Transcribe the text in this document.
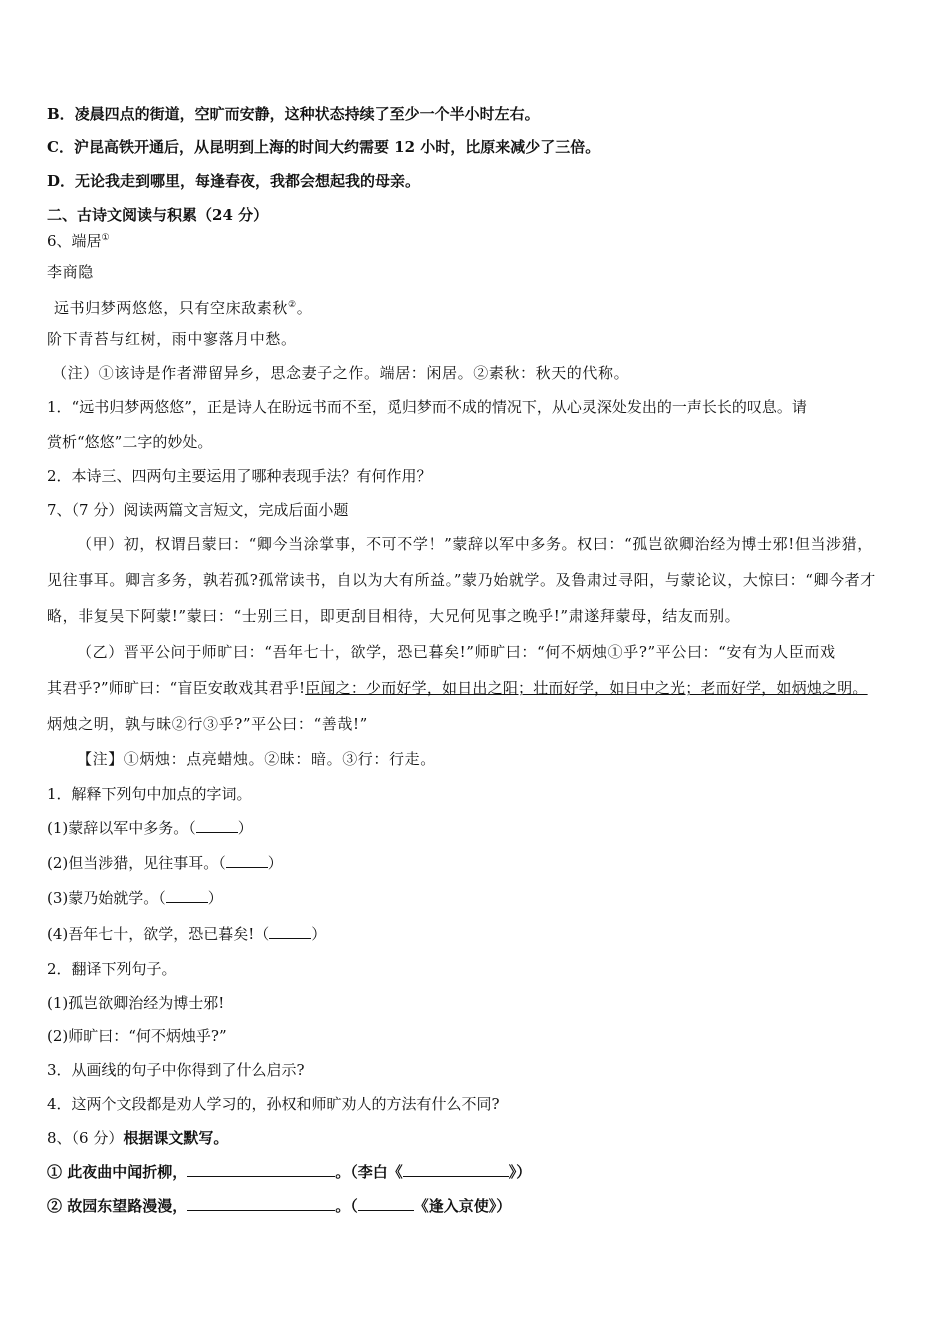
B．凌晨四点的街道，空旷而安静，这种状态持续了至少一个半小时左右。
C．沪昆高铁开通后，从昆明到上海的时间大约需要 12 小时，比原来减少了三倍。
D．无论我走到哪里，每逢春夜，我都会想起我的母亲。
二、古诗文阅读与积累（24 分）
6、端居①
李商隐
远书归梦两悠悠，只有空床敌素秋②。
阶下青苔与红树，雨中寥落月中愁。
（注）①该诗是作者滞留异乡，思念妻子之作。端居：闲居。②素秋：秋天的代称。
1．“远书归梦两悠悠”，正是诗人在盼远书而不至，觅归梦而不成的情况下，从心灵深处发出的一声长长的叹息。请
赏析“悠悠”二字的妙处。
2．本诗三、四两句主要运用了哪种表现手法？有何作用？
7、（7 分）阅读两篇文言短文，完成后面小题
（甲）初，权谓吕蒙曰：“卿今当涂掌事，不可不学！”蒙辞以军中多务。权曰：“孤岂欲卿治经为博士邪!但当涉猎，
见往事耳。卿言多务，孰若孤?孤常读书，自以为大有所益。”蒙乃始就学。及鲁肃过寻阳，与蒙论议，大惊曰：“卿今者才
略，非复吴下阿蒙!”蒙曰：“士别三日，即更刮目相待，大兄何见事之晚乎!”肃遂拜蒙母，结友而别。
（乙）晋平公问于师旷曰：“吾年七十，欲学，恐已暮矣!”师旷曰：“何不炳烛①乎?”平公曰：“安有为人臣而戏
其君乎?”师旷曰：“盲臣安敢戏其君乎!臣闻之：少而好学，如日出之阳；壮而好学，如日中之光；老而好学，如炳烛之明。
炳烛之明，孰与昧②行③乎?”平公曰：“善哉!”
【注】①炳烛：点亮蜡烛。②昧：暗。③行：行走。
1．解释下列句中加点的字词。
(1)蒙辞以军中多务。（	）
(2)但当涉猎，见往事耳。（	）
(3)蒙乃始就学。（	）
(4)吾年七十，欲学，恐已暮矣!（	）
2．翻译下列句子。
(1)孤岂欲卿治经为博士邪!
(2)师旷曰：“何不炳烛乎?”
3．从画线的句子中你得到了什么启示?
4．这两个文段都是劝人学习的，孙权和师旷劝人的方法有什么不同?
8、（6 分）根据课文默写。
① 此夜曲中闻折柳，	。（李白《	》）
② 故园东望路漫漫，	。（	《逢入京使》）
